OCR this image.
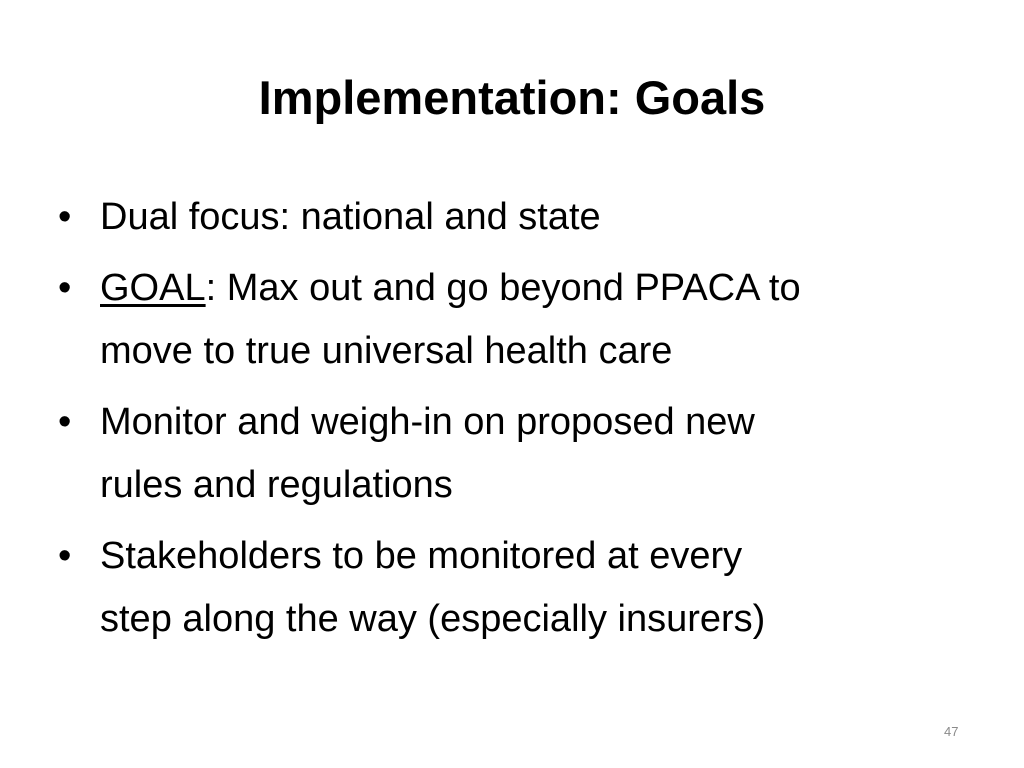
Implementation: Goals
• Dual focus: national and state
• GOAL: Max out and go beyond PPACA to
move to true universal health care
• Monitor and weigh-in on proposed new
rules and regulations
• Stakeholders to be monitored at every
step along the way (especially insurers)
47
